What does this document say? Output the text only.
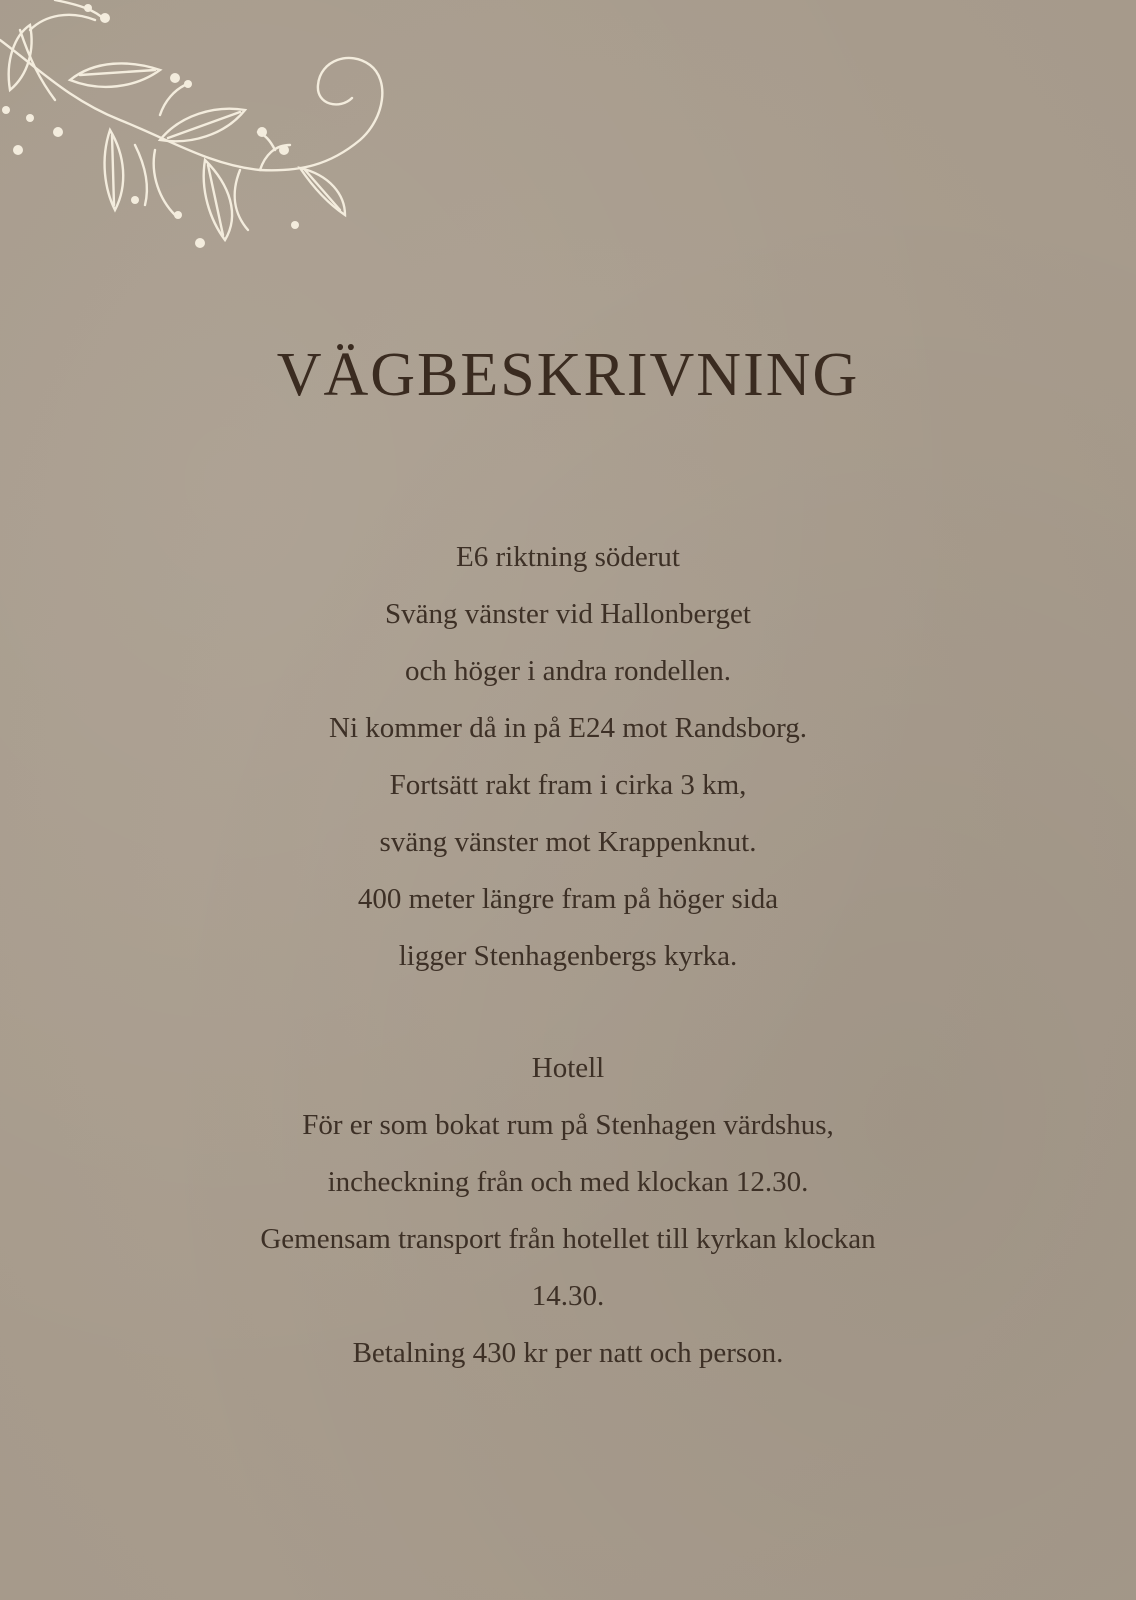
VÄGBESKRIVNING

E6 riktning söderut

Sväng vänster vid Hallonberget

och höger i andra rondellen.

Ni kommer då in på E24 mot Randsborg.

Fortsätt rakt fram i cirka 3 km,

sväng vänster mot Krappenknut.

400 meter längre fram på höger sida

ligger Stenhagenbergs kyrka.

Hotell

För er som bokat rum på Stenhagen värdshus,

incheckning från och med klockan 12.30.

Gemensam transport från hotellet till kyrkan klockan

14.30.

Betalning 430 kr per natt och person.
